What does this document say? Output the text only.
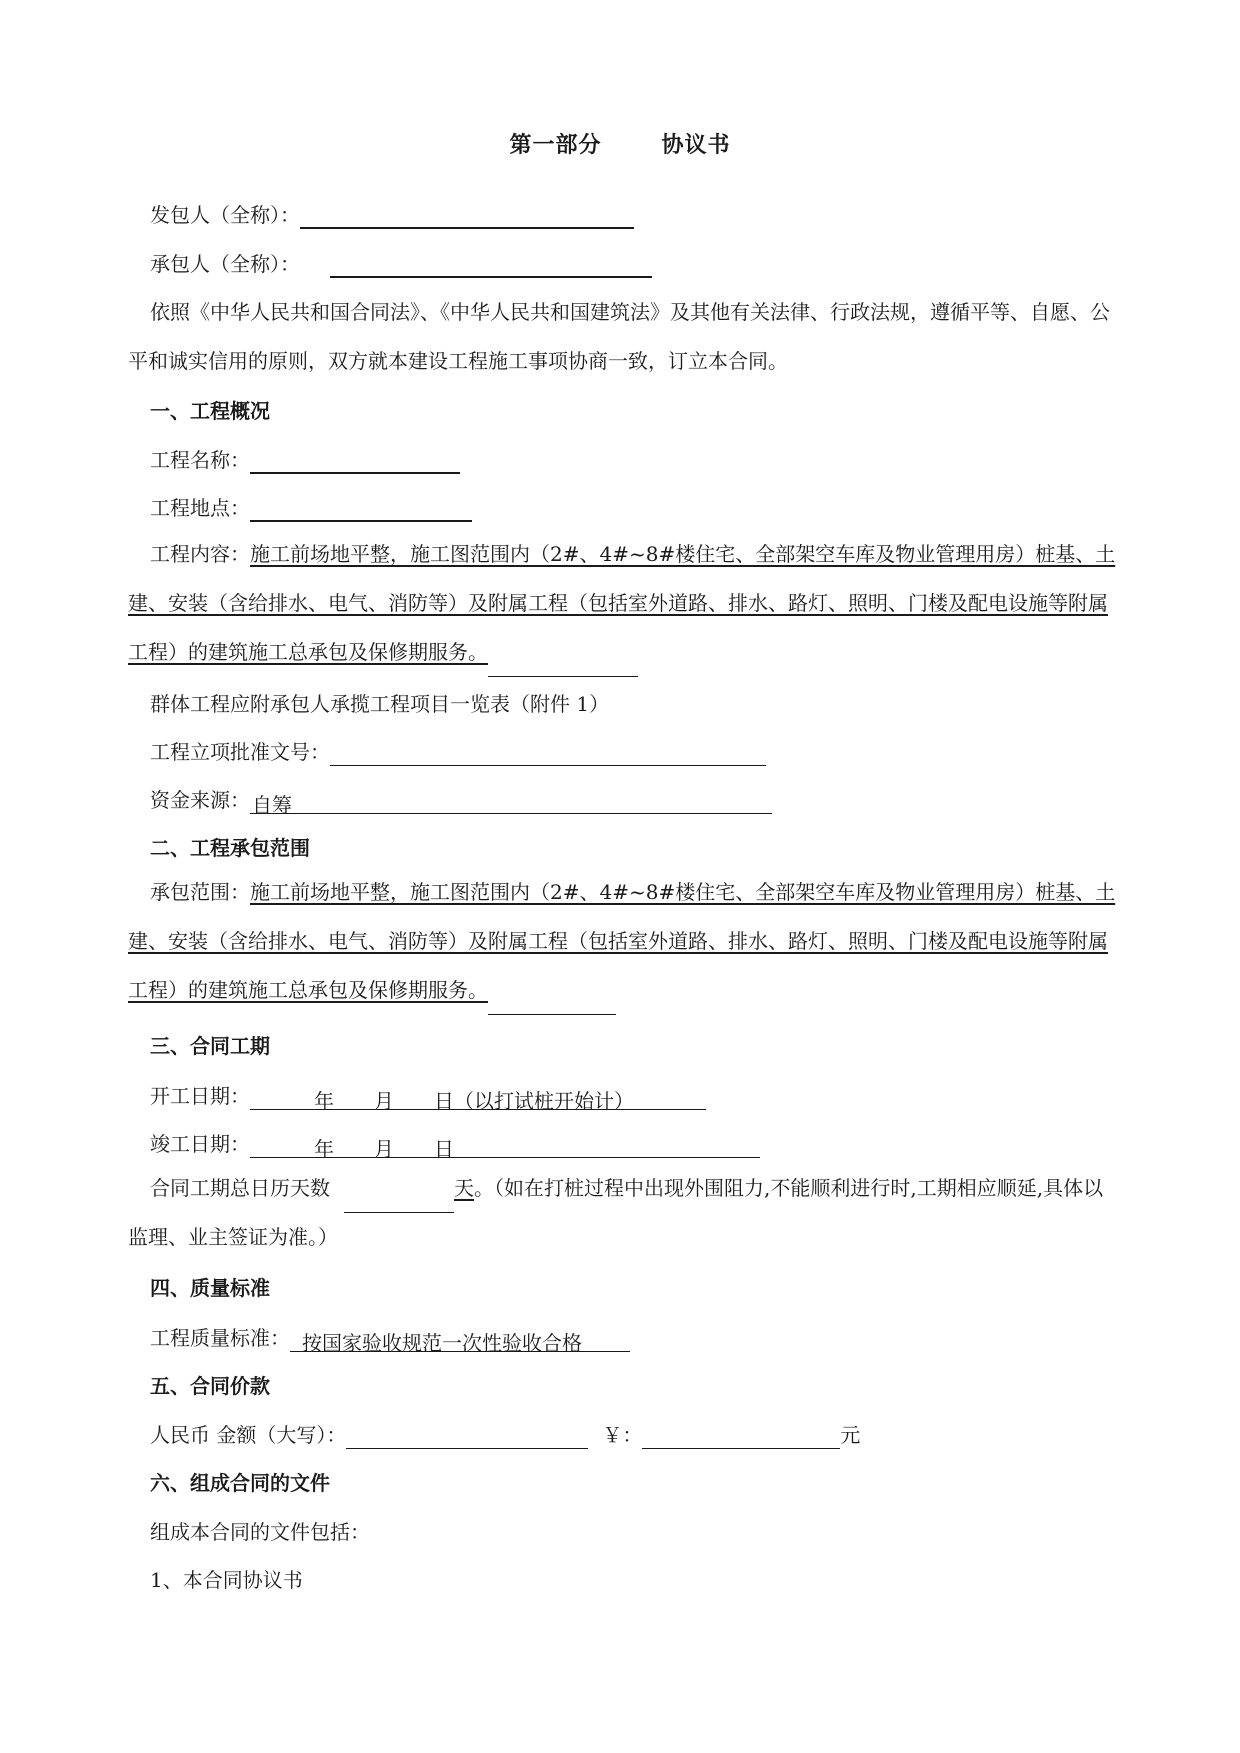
第一部分	协议书
发包人（全称）：
承包人（全称）：
依照《中华人民共和国合同法》、《中华人民共和国建筑法》及其他有关法律、行政法规，遵循平等、自愿、公平和诚实信用的原则，双方就本建设工程施工事项协商一致，订立本合同。
一、工程概况
工程名称：
工程地点：
工程内容：施工前场地平整，施工图范围内（2#、4#~8#楼住宅、全部架空车库及物业管理用房）桩基、土建、安装（含给排水、电气、消防等）及附属工程（包括室外道路、排水、路灯、照明、门楼及配电设施等附属工程）的建筑施工总承包及保修期服务。
群体工程应附承包人承揽工程项目一览表（附件 1）
工程立项批准文号：
资金来源： 自筹
二、工程承包范围
承包范围：施工前场地平整，施工图范围内（2#、4#~8#楼住宅、全部架空车库及物业管理用房）桩基、土建、安装（含给排水、电气、消防等）及附属工程（包括室外道路、排水、路灯、照明、门楼及配电设施等附属工程）的建筑施工总承包及保修期服务。
三、合同工期
开工日期：	年　　月　　日（以打试桩开始计）
竣工日期：	年　　月　　日
合同工期总日历天数	天。（如在打桩过程中出现外围阻力,不能顺利进行时,工期相应顺延,具体以监理、业主签证为准。）
四、质量标准
工程质量标准： 按国家验收规范一次性验收合格
五、合同价款
人民币 金额（大写）：	￥：	元
六、组成合同的文件
组成本合同的文件包括：
1、本合同协议书
